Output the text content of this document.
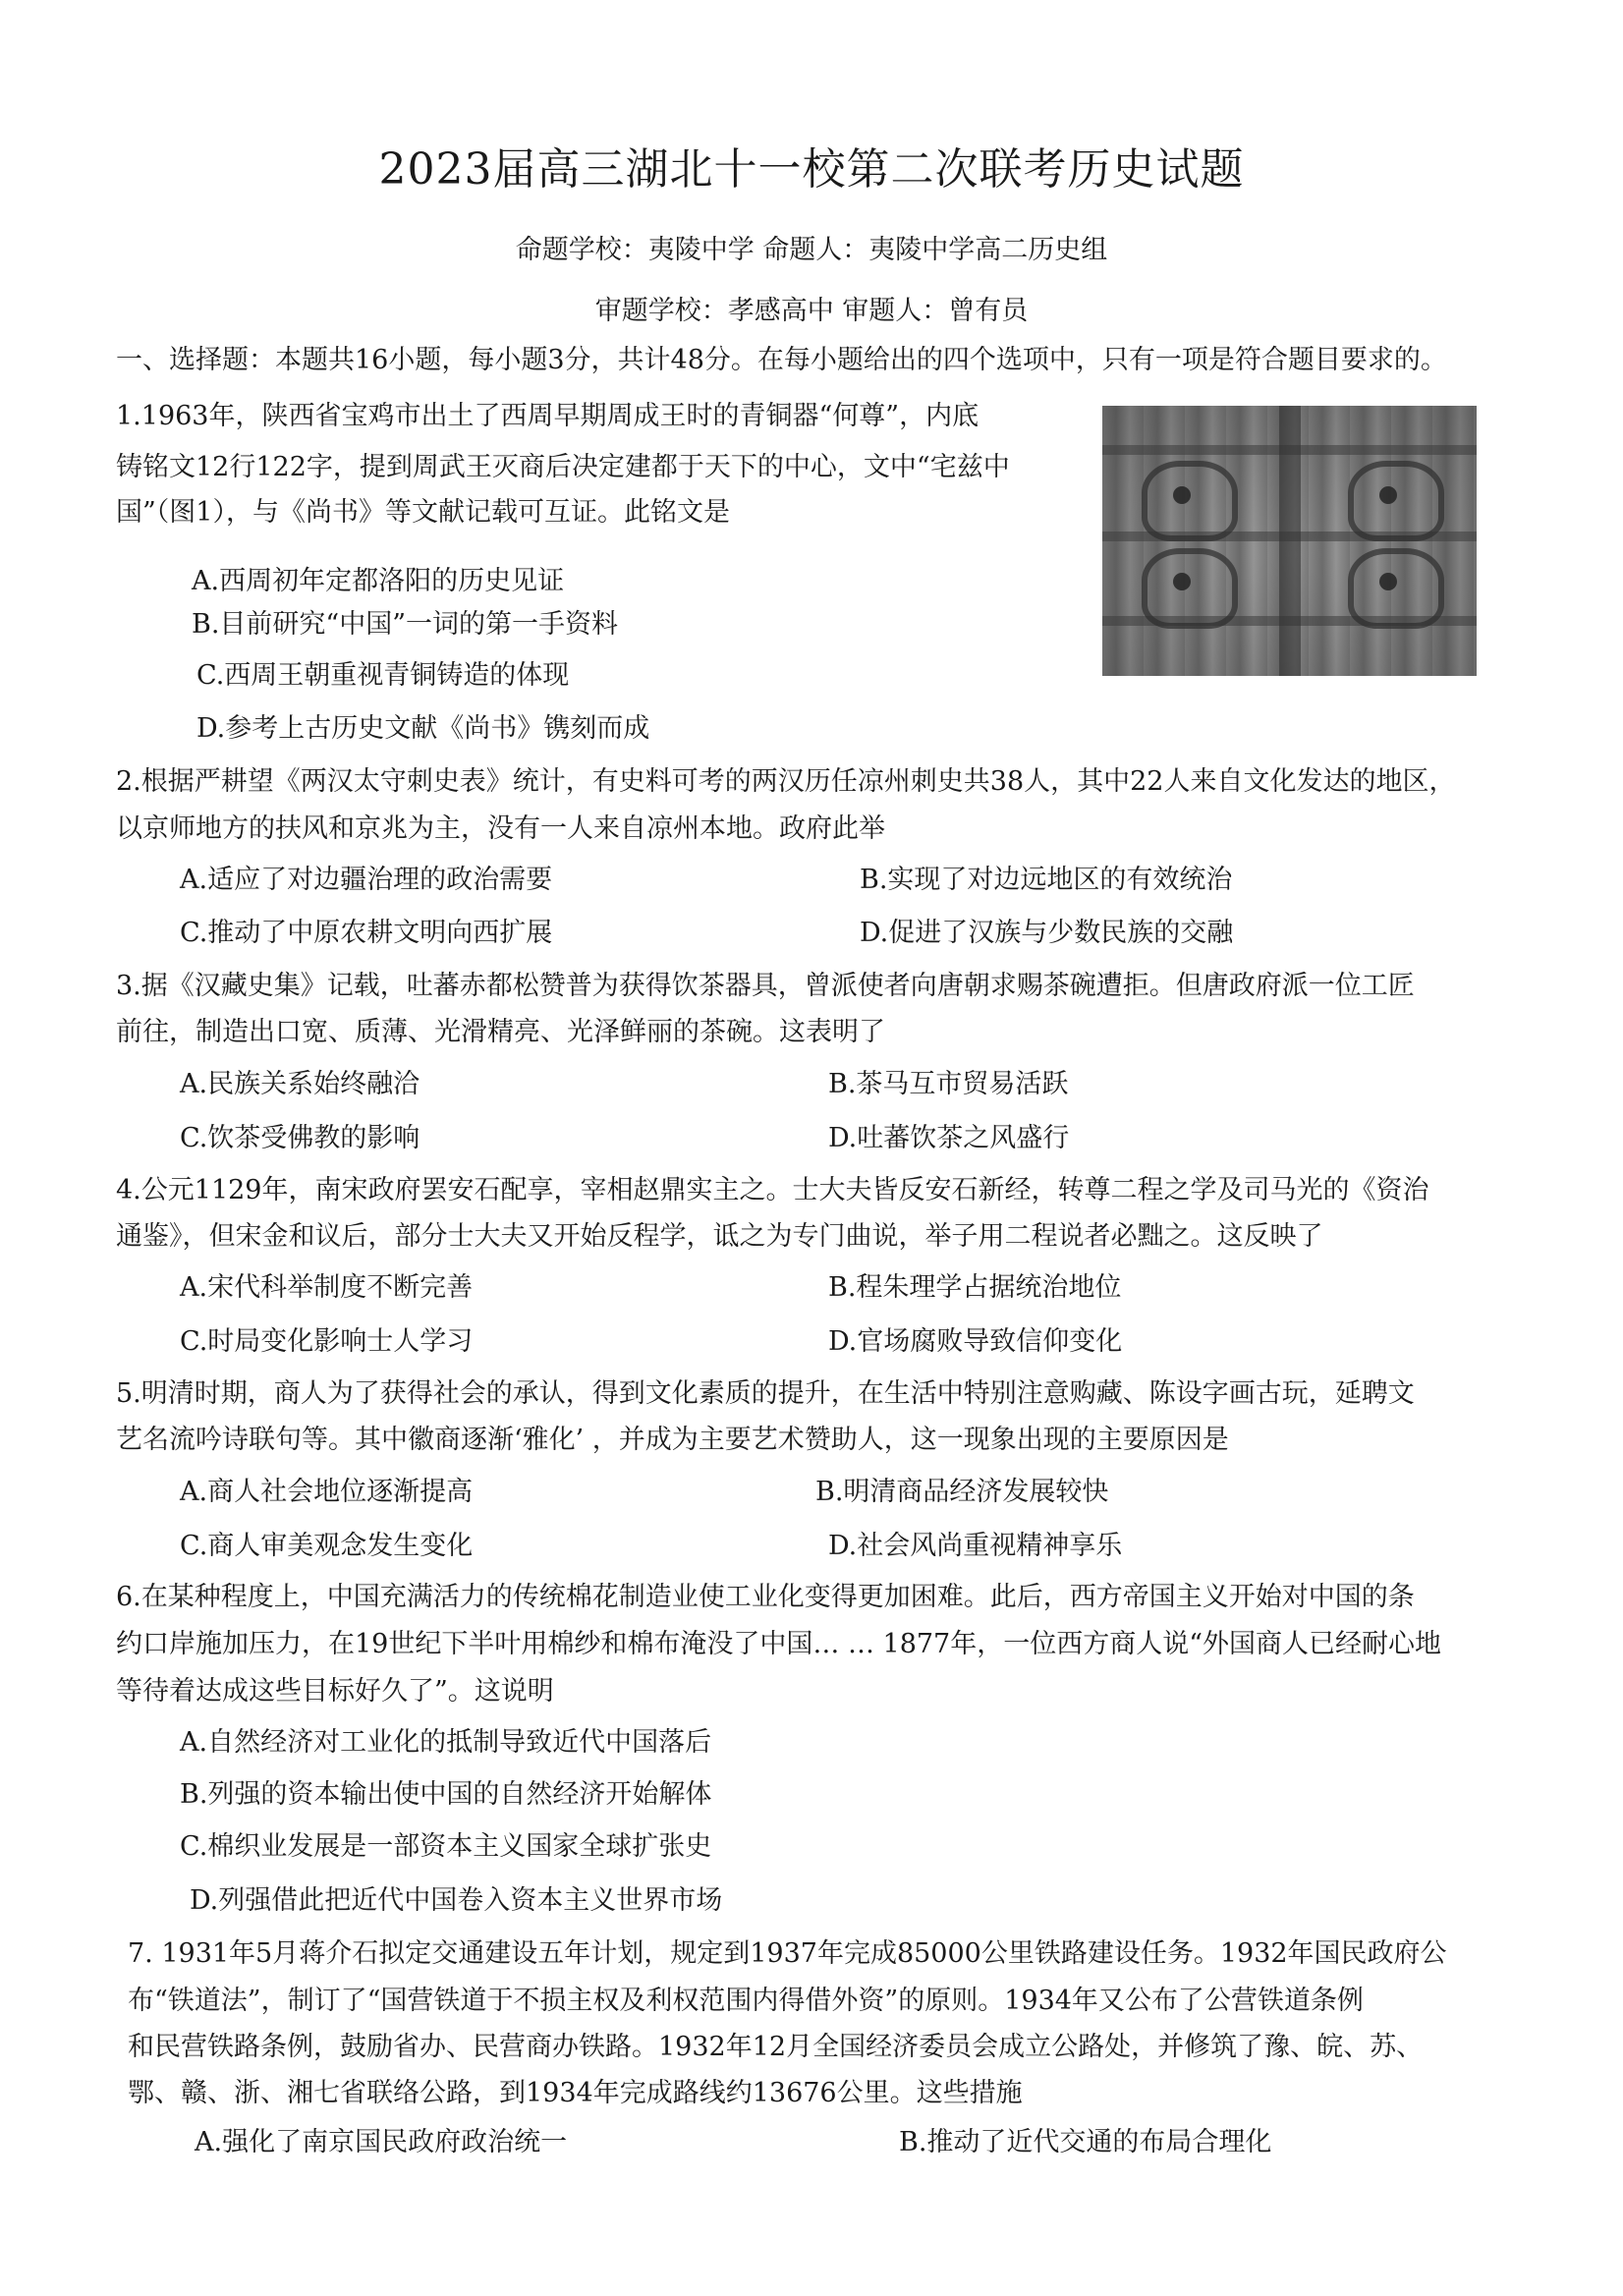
2023届高三湖北十一校第二次联考历史试题
命题学校：夷陵中学 命题人：夷陵中学高二历史组
审题学校：孝感高中 审题人：曾有员
一、选择题：本题共16小题，每小题3分，共计48分。在每小题给出的四个选项中，只有一项是符合题目要求的。
1.1963年，陕西省宝鸡市出土了西周早期周成王时的青铜器“何尊”，内底
铸铭文12行122字，提到周武王灭商后决定建都于天下的中心，文中“宅兹中
国”（图1），与《尚书》等文献记载可互证。此铭文是
A.西周初年定都洛阳的历史见证
B.目前研究“中国”一词的第一手资料
C.西周王朝重视青铜铸造的体现
D.参考上古历史文献《尚书》镌刻而成
2.根据严耕望《两汉太守刺史表》统计，有史料可考的两汉历任凉州刺史共38人，其中22人来自文化发达的地区，
以京师地方的扶风和京兆为主，没有一人来自凉州本地。政府此举
A.适应了对边疆治理的政治需要	B.实现了对边远地区的有效统治
C.推动了中原农耕文明向西扩展	D.促进了汉族与少数民族的交融
3.据《汉藏史集》记载，吐蕃赤都松赞普为获得饮茶器具，曾派使者向唐朝求赐茶碗遭拒。但唐政府派一位工匠
前往，制造出口宽、质薄、光滑精亮、光泽鲜丽的茶碗。这表明了
A.民族关系始终融洽	B.茶马互市贸易活跃
C.饮茶受佛教的影响	D.吐蕃饮茶之风盛行
4.公元1129年，南宋政府罢安石配享，宰相赵鼎实主之。士大夫皆反安石新经，转尊二程之学及司马光的《资治
通鉴》，但宋金和议后，部分士大夫又开始反程学，诋之为专门曲说，举子用二程说者必黜之。这反映了
A.宋代科举制度不断完善	B.程朱理学占据统治地位
C.时局变化影响士人学习	D.官场腐败导致信仰变化
5.明清时期，商人为了获得社会的承认，得到文化素质的提升，在生活中特别注意购藏、陈设字画古玩，延聘文
艺名流吟诗联句等。其中徽商逐渐‘雅化’ ，并成为主要艺术赞助人，这一现象出现的主要原因是
A.商人社会地位逐渐提高	B.明清商品经济发展较快
C.商人审美观念发生变化	D.社会风尚重视精神享乐
6.在某种程度上，中国充满活力的传统棉花制造业使工业化变得更加困难。此后，西方帝国主义开始对中国的条
约口岸施加压力，在19世纪下半叶用棉纱和棉布淹没了中国… … 1877年，一位西方商人说“外国商人已经耐心地
等待着达成这些目标好久了”。这说明
A.自然经济对工业化的抵制导致近代中国落后
B.列强的资本输出使中国的自然经济开始解体
C.棉织业发展是一部资本主义国家全球扩张史
D.列强借此把近代中国卷入资本主义世界市场
7. 1931年5月蒋介石拟定交通建设五年计划，规定到1937年完成85000公里铁路建设任务。1932年国民政府公
布“铁道法”，制订了“国营铁道于不损主权及利权范围内得借外资”的原则。1934年又公布了公营铁道条例
和民营铁路条例，鼓励省办、民营商办铁路。1932年12月全国经济委员会成立公路处，并修筑了豫、皖、苏、
鄂、赣、浙、湘七省联络公路，到1934年完成路线约13676公里。这些措施
A.强化了南京国民政府政治统一	B.推动了近代交通的布局合理化
